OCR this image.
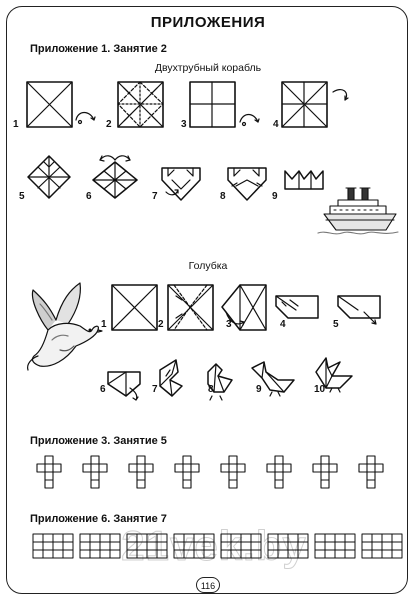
ПРИЛОЖЕНИЯ
Приложение 1. Занятие 2
Двухтрубный корабль
1	2	3	4
5	6	7	8	9
Голубка
1	2	3	4	5
6	7	8	9	10
Приложение 3. Занятие 5
Приложение 6. Занятие 7
21vek.by
116
